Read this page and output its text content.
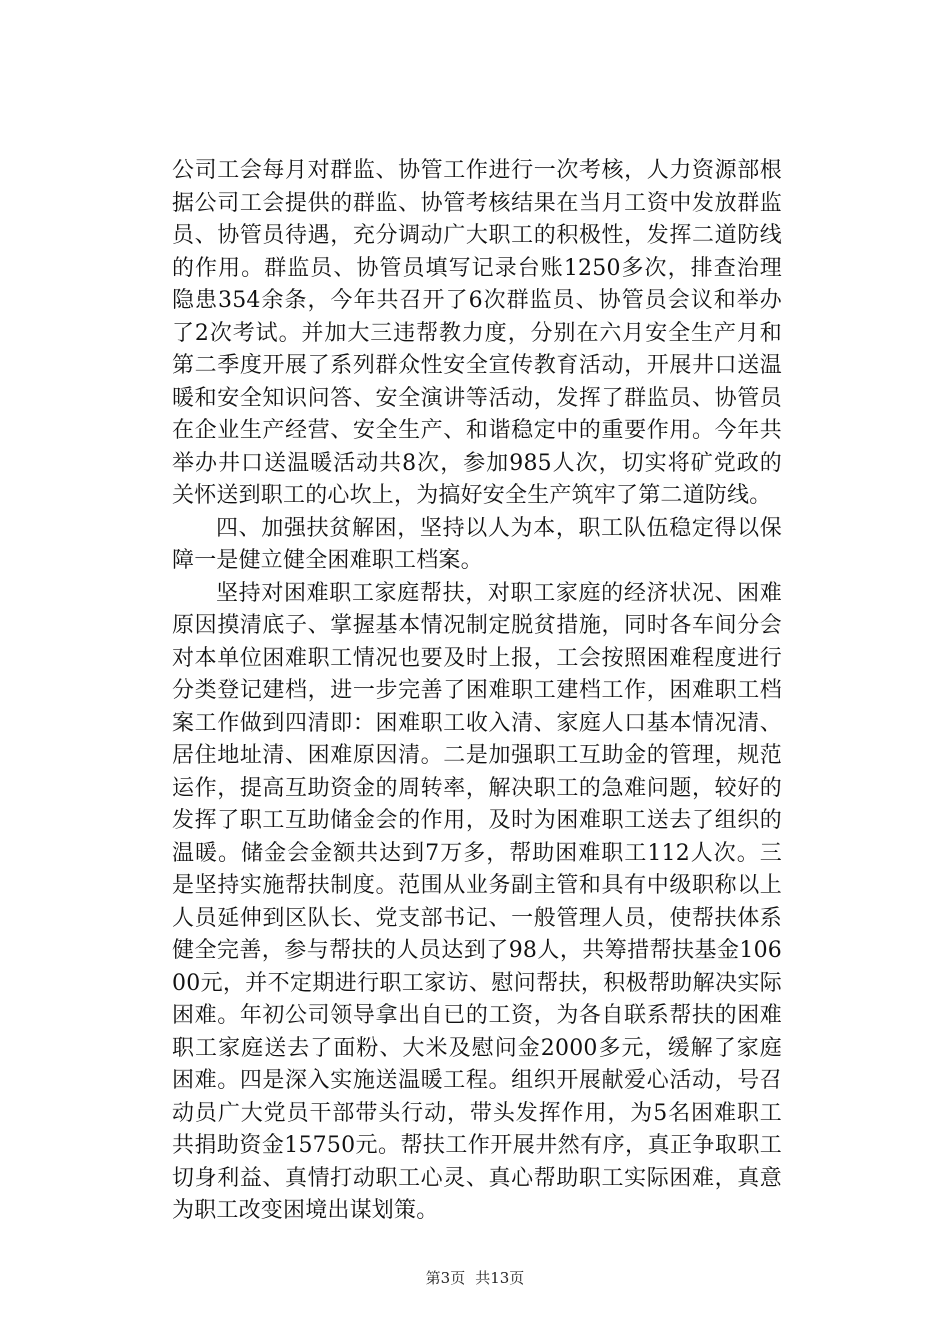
公司工会每月对群监、协管工作进行一次考核，人力资源部根据公司工会提供的群监、协管考核结果在当月工资中发放群监员、协管员待遇，充分调动广大职工的积极性，发挥二道防线的作用。群监员、协管员填写记录台账1250多次，排查治理隐患354余条，今年共召开了6次群监员、协管员会议和举办了2次考试。并加大三违帮教力度，分别在六月安全生产月和第二季度开展了系列群众性安全宣传教育活动，开展井口送温暖和安全知识问答、安全演讲等活动，发挥了群监员、协管员在企业生产经营、安全生产、和谐稳定中的重要作用。今年共举办井口送温暖活动共8次，参加985人次，切实将矿党政的关怀送到职工的心坎上，为搞好安全生产筑牢了第二道防线。

四、加强扶贫解困，坚持以人为本，职工队伍稳定得以保障一是健立健全困难职工档案。

坚持对困难职工家庭帮扶，对职工家庭的经济状况、困难原因摸清底子、掌握基本情况制定脱贫措施，同时各车间分会对本单位困难职工情况也要及时上报，工会按照困难程度进行分类登记建档，进一步完善了困难职工建档工作，困难职工档案工作做到四清即：困难职工收入清、家庭人口基本情况清、居住地址清、困难原因清。二是加强职工互助金的管理，规范运作，提高互助资金的周转率，解决职工的急难问题，较好的发挥了职工互助储金会的作用，及时为困难职工送去了组织的温暖。储金会金额共达到7万多，帮助困难职工112人次。三是坚持实施帮扶制度。范围从业务副主管和具有中级职称以上人员延伸到区队长、党支部书记、一般管理人员，使帮扶体系健全完善，参与帮扶的人员达到了98人，共筹措帮扶基金10600元，并不定期进行职工家访、慰问帮扶，积极帮助解决实际困难。年初公司领导拿出自已的工资，为各自联系帮扶的困难职工家庭送去了面粉、大米及慰问金2000多元，缓解了家庭困难。四是深入实施送温暖工程。组织开展献爱心活动，号召动员广大党员干部带头行动，带头发挥作用，为5名困难职工共捐助资金15750元。帮扶工作开展井然有序，真正争取职工切身利益、真情打动职工心灵、真心帮助职工实际困难，真意为职工改变困境出谋划策。

第3页 共13页
